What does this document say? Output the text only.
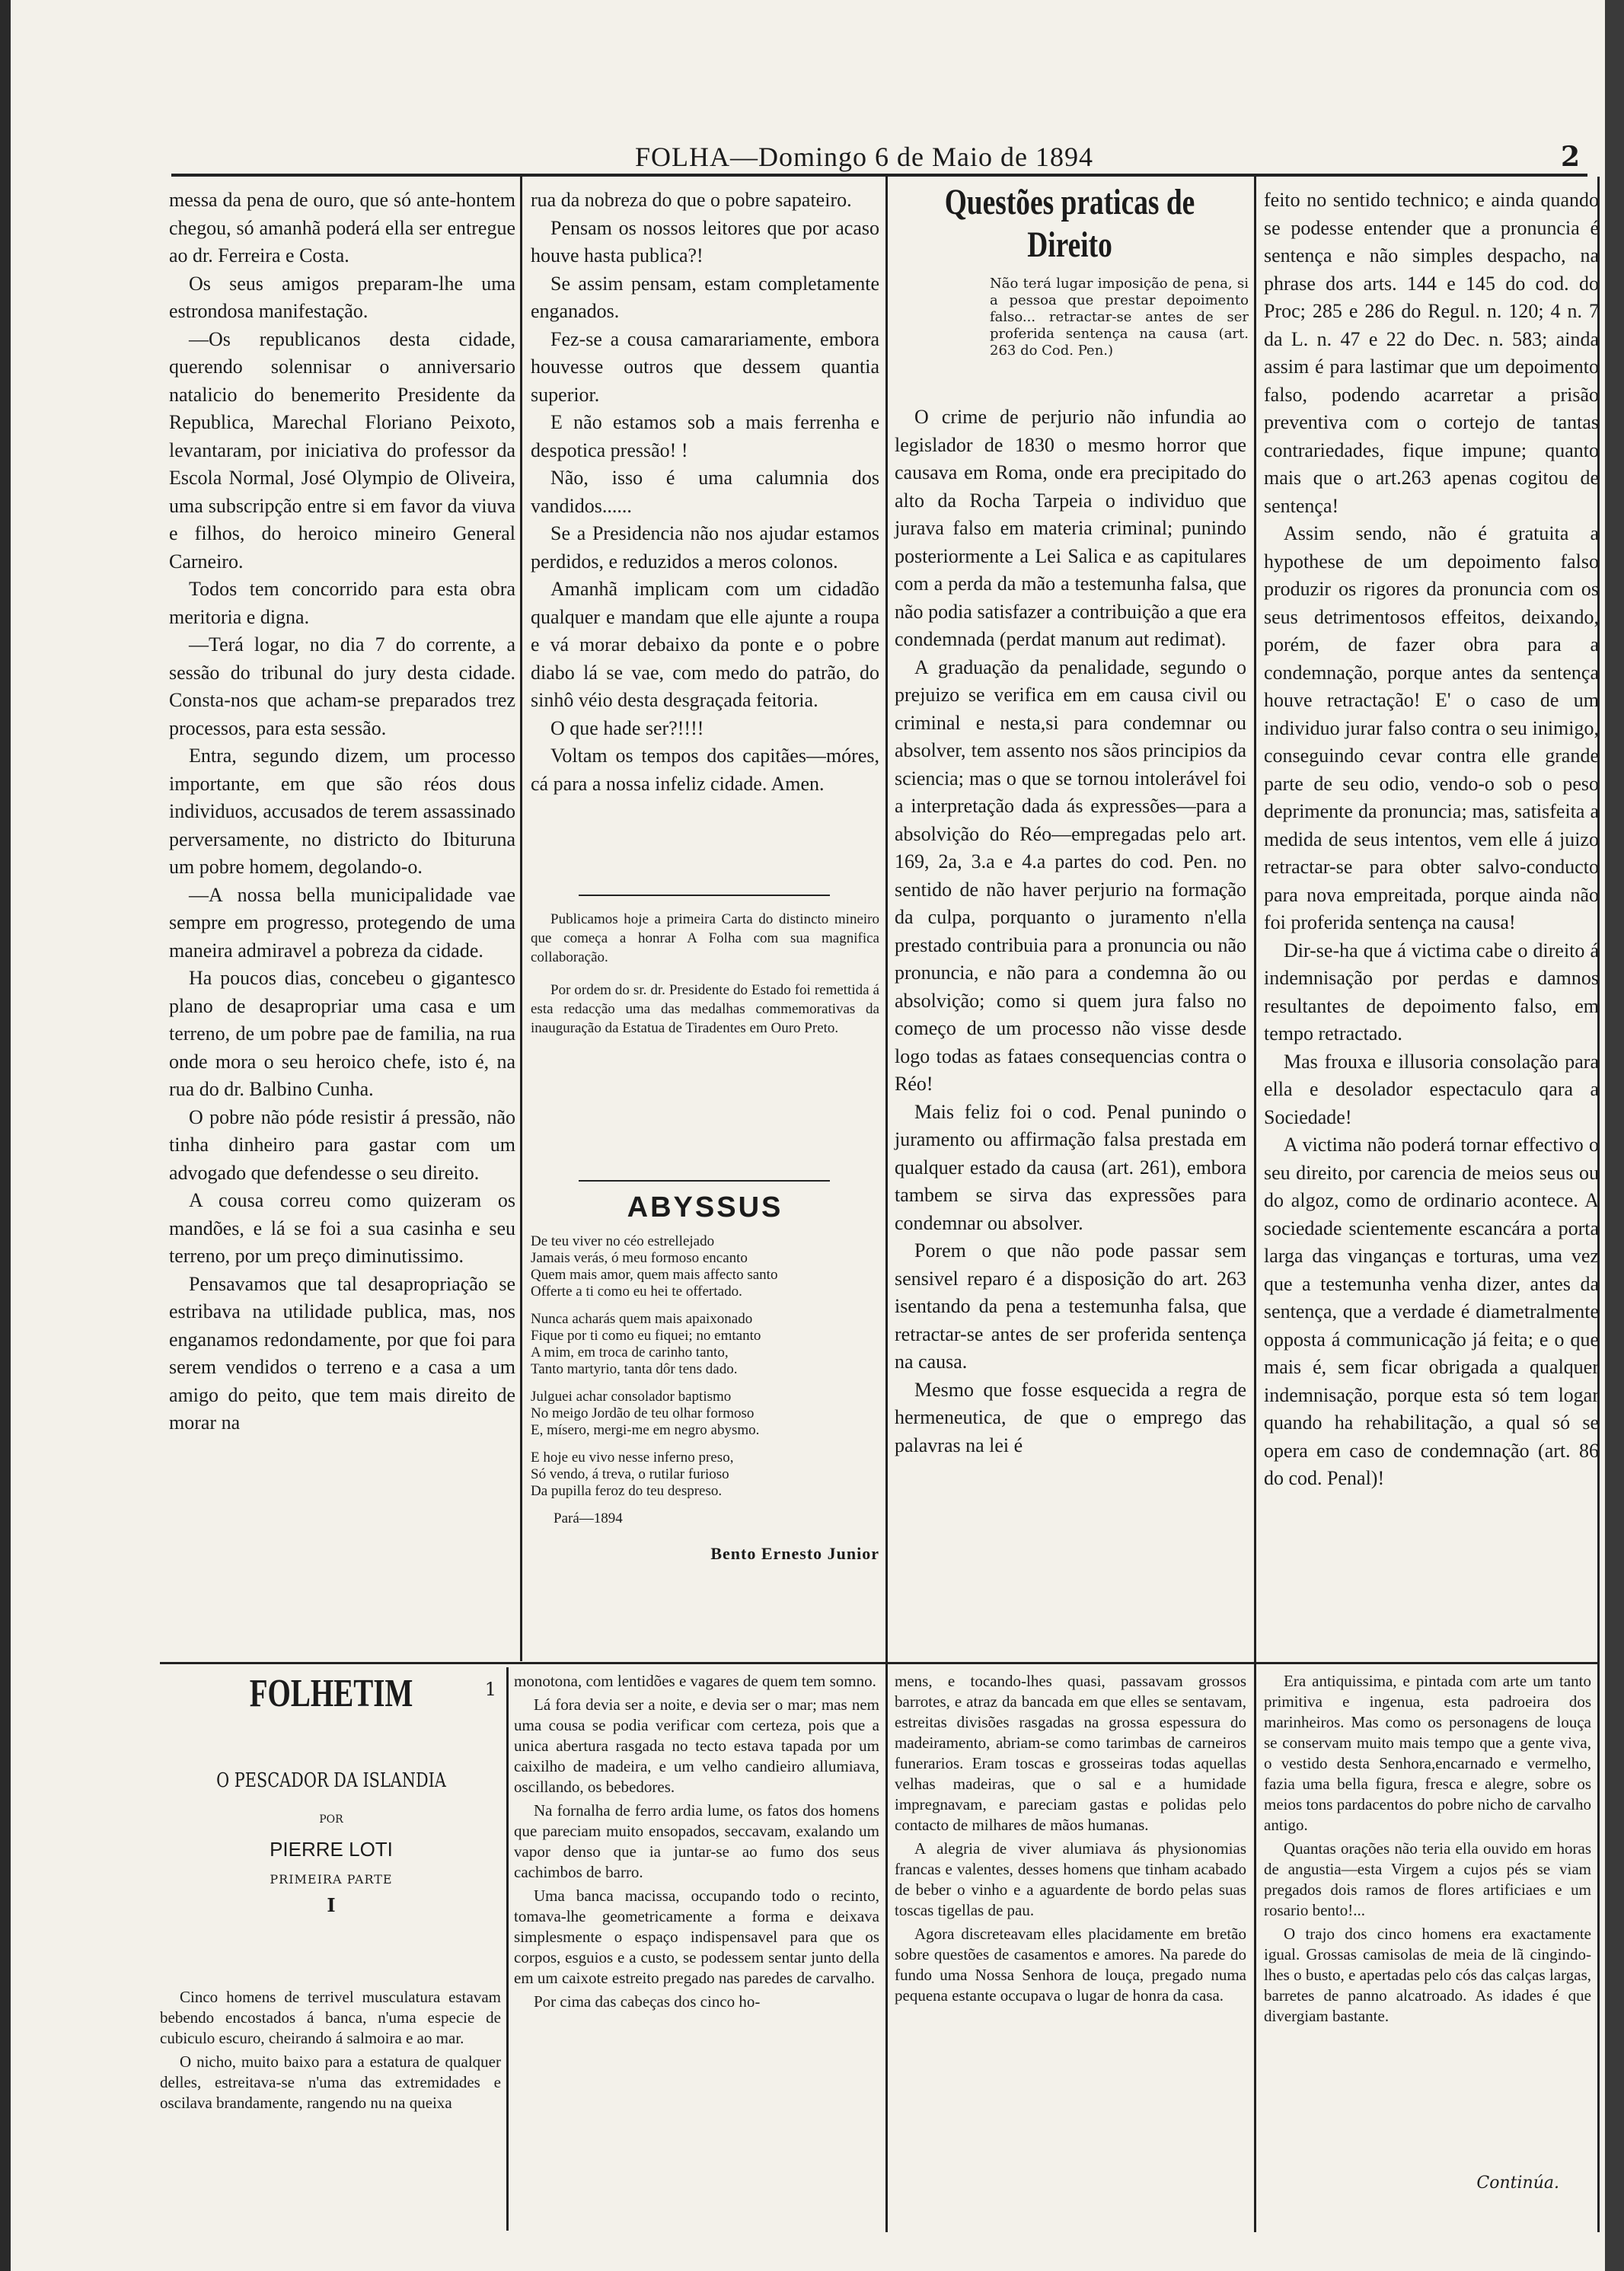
FOLHA—Domingo 6 de Maio de 1894	2

messa da pena de ouro, que só ante-hontem chegou, só amanhã poderá ella ser entregue ao dr. Ferreira e Costa.

Os seus amigos preparam-lhe uma estrondosa manifestação.

—Os republicanos desta cidade, querendo solennisar o anniversario natalicio do benemerito Presidente da Republica, Marechal Floriano Peixoto, levantaram, por iniciativa do professor da Escola Normal, José Olympio de Oliveira, uma subscripção entre si em favor da viuva e filhos, do heroico mineiro General Carneiro.

Todos tem concorrido para esta obra meritoria e digna.

—Terá logar, no dia 7 do corrente, a sessão do tribunal do jury desta cidade. Consta-nos que acham-se preparados trez processos, para esta sessão.

Entra, segundo dizem, um processo importante, em que são réos dous individuos, accusados de terem assassinado perversamente, no districto do Ibituruna um pobre homem, degolando-o.

—A nossa bella municipalidade vae sempre em progresso, protegendo de uma maneira admiravel a pobreza da cidade.

Ha poucos dias, concebeu o gigantesco plano de desapropriar uma casa e um terreno, de um pobre pae de familia, na rua onde mora o seu heroico chefe, isto é, na rua do dr. Balbino Cunha.

O pobre não póde resistir á pressão, não tinha dinheiro para gastar com um advogado que defendesse o seu direito.

A cousa correu como quizeram os mandões, e lá se foi a sua casinha e seu terreno, por um preço diminutissimo.

Pensavamos que tal desapropriação se estribava na utilidade publica, mas, nos enganamos redondamente, por que foi para serem vendidos o terreno e a casa a um amigo do peito, que tem mais direito de morar na

rua da nobreza do que o pobre sapateiro.

Pensam os nossos leitores que por acaso houve hasta publica?!

Se assim pensam, estam completamente enganados.

Fez-se a cousa camarariamente, embora houvesse outros que dessem quantia superior.

E não estamos sob a mais ferrenha e despotica pressão! !

Não, isso é uma calumnia dos vandidos......

Se a Presidencia não nos ajudar estamos perdidos, e reduzidos a meros colonos.

Amanhã implicam com um cidadão qualquer e mandam que elle ajunte a roupa e vá morar debaixo da ponte e o pobre diabo lá se vae, com medo do patrão, do sinhô véio desta desgraçada feitoria.

O que hade ser?!!!!

Voltam os tempos dos capitães—móres, cá para a nossa infeliz cidade. Amen.

Publicamos hoje a primeira Carta do distincto mineiro que começa a honrar A Folha com sua magnifica collaboração.

Por ordem do sr. dr. Presidente do Estado foi remettida á esta redacção uma das medalhas commemorativas da inauguração da Estatua de Tiradentes em Ouro Preto.

ABYSSUS
De teu viver no céo estrellejado
Jamais verás, ó meu formoso encanto
Quem mais amor, quem mais affecto santo
Offerte a ti como eu hei te offertado.
Nunca acharás quem mais apaixonado
Fique por ti como eu fiquei; no emtanto
A mim, em troca de carinho tanto,
Tanto martyrio, tanta dôr tens dado.
Julguei achar consolador baptismo
No meigo Jordão de teu olhar formoso
E, mísero, mergi-me em negro abysmo.
E hoje eu vivo nesse inferno preso,
Só vendo, á treva, o rutilar furioso
Da pupilla feroz do teu despreso.
Pará—1894
Bento Ernesto Junior
Questões praticas de Direito
Não terá lugar imposição de pena, si a pessoa que prestar depoimento falso... retractar-se antes de ser proferida sentença na causa (art. 263 do Cod. Pen.)

O crime de perjurio não infundia ao legislador de 1830 o mesmo horror que causava em Roma, onde era precipitado do alto da Rocha Tarpeia o individuo que jurava falso em materia criminal; punindo posteriormente a Lei Salica e as capitulares com a perda da mão a testemunha falsa, que não podia satisfazer a contribuição a que era condemnada (perdat manum aut redimat).

A graduação da penalidade, segundo o prejuizo se verifica em em causa civil ou criminal e nesta,si para condemnar ou absolver, tem assento nos sãos principios da sciencia; mas o que se tornou intolerável foi a interpretação dada ás expressões—para a absolvição do Réo—empregadas pelo art. 169, 2a, 3.a e 4.a partes do cod. Pen. no sentido de não haver perjurio na formação da culpa, porquanto o juramento n'ella prestado contribuia para a pronuncia ou não pronuncia, e não para a condemna ão ou absolvição; como si quem jura falso no começo de um processo não visse desde logo todas as fataes consequencias contra o Réo!

Mais feliz foi o cod. Penal punindo o juramento ou affirmação falsa prestada em qualquer estado da causa (art. 261), embora tambem se sirva das expressões para condemnar ou absolver.

Porem o que não pode passar sem sensivel reparo é a disposição do art. 263 isentando da pena a testemunha falsa, que retractar-se antes de ser proferida sentença na causa.

Mesmo que fosse esquecida a regra de hermeneutica, de que o emprego das palavras na lei é

feito no sentido technico; e ainda quando se podesse entender que a pronuncia é sentença e não simples despacho, na phrase dos arts. 144 e 145 do cod. do Proc; 285 e 286 do Regul. n. 120; 4 n. 7 da L. n. 47 e 22 do Dec. n. 583; ainda assim é para lastimar que um depoimento falso, podendo acarretar a prisão preventiva com o cortejo de tantas contrariedades, fique impune; quanto mais que o art.263 apenas cogitou de sentença!

Assim sendo, não é gratuita a hypothese de um depoimento falso produzir os rigores da pronuncia com os seus detrimentosos effeitos, deixando, porém, de fazer obra para a condemnação, porque antes da sentença houve retractação! E' o caso de um individuo jurar falso contra o seu inimigo, conseguindo cevar contra elle grande parte de seu odio, vendo-o sob o peso deprimente da pronuncia; mas, satisfeita a medida de seus intentos, vem elle á juizo retractar-se para obter salvo-conducto para nova empreitada, porque ainda não foi proferida sentença na causa!

Dir-se-ha que á victima cabe o direito á indemnisação por perdas e damnos resultantes de depoimento falso, em tempo retractado.

Mas frouxa e illusoria consolação para ella e desolador espectaculo qara a Sociedade!

A victima não poderá tornar effectivo o seu direito, por carencia de meios seus ou do algoz, como de ordinario acontece. A sociedade scientemente escancára a porta larga das vinganças e torturas, uma vez que a testemunha venha dizer, antes da sentença, que a verdade é diametralmente opposta á communicação já feita; e o que mais é, sem ficar obrigada a qualquer indemnisação, porque esta só tem logar quando ha rehabilitação, a qual só se opera em caso de condemnação (art. 86 do cod. Penal)!

FOLHETIM	1
O PESCADOR DA ISLANDIA
POR
PIERRE LOTI
PRIMEIRA PARTE
I

Cinco homens de terrivel musculatura estavam bebendo encostados á banca, n'uma especie de cubiculo escuro, cheirando á salmoira e ao mar.

O nicho, muito baixo para a estatura de qualquer delles, estreitava-se n'uma das extremidades e oscilava brandamente, rangendo nu na queixa

monotona, com lentidões e vagares de quem tem somno.

Lá fora devia ser a noite, e devia ser o mar; mas nem uma cousa se podia verificar com certeza, pois que a unica abertura rasgada no tecto estava tapada por um caixilho de madeira, e um velho candieiro allumiava, oscillando, os bebedores.

Na fornalha de ferro ardia lume, os fatos dos homens que pareciam muito ensopados, seccavam, exalando um vapor denso que ia juntar-se ao fumo dos seus cachimbos de barro.

Uma banca macissa, occupando todo o recinto, tomava-lhe geometricamente a forma e deixava simplesmente o espaço indispensavel para que os corpos, esguios e a custo, se podessem sentar junto della em um caixote estreito pregado nas paredes de carvalho.

Por cima das cabeças dos cinco ho-

mens, e tocando-lhes quasi, passavam grossos barrotes, e atraz da bancada em que elles se sentavam, estreitas divisões rasgadas na grossa espessura do madeiramento, abriam-se como tarimbas de carneiros funerarios. Eram toscas e grosseiras todas aquellas velhas madeiras, que o sal e a humidade impregnavam, e pareciam gastas e polidas pelo contacto de milhares de mãos humanas.

A alegria de viver alumiava ás physionomias francas e valentes, desses homens que tinham acabado de beber o vinho e a aguardente de bordo pelas suas toscas tigellas de pau.

Agora discreteavam elles placidamente em bretão sobre questões de casamentos e amores. Na parede do fundo uma Nossa Senhora de louça, pregado numa pequena estante occupava o lugar de honra da casa.

Era antiquissima, e pintada com arte um tanto primitiva e ingenua, esta padroeira dos marinheiros. Mas como os personagens de louça se conservam muito mais tempo que a gente viva, o vestido desta Senhora,encarnado e vermelho, fazia uma bella figura, fresca e alegre, sobre os meios tons pardacentos do pobre nicho de carvalho antigo.

Quantas orações não teria ella ouvido em horas de angustia—esta Virgem a cujos pés se viam pregados dois ramos de flores artificiaes e um rosario bento!...

O trajo dos cinco homens era exactamente igual. Grossas camisolas de meia de lã cingindo-lhes o busto, e apertadas pelo cós das calças largas, barretes de panno alcatroado. As idades é que divergiam bastante.

Continúa.
